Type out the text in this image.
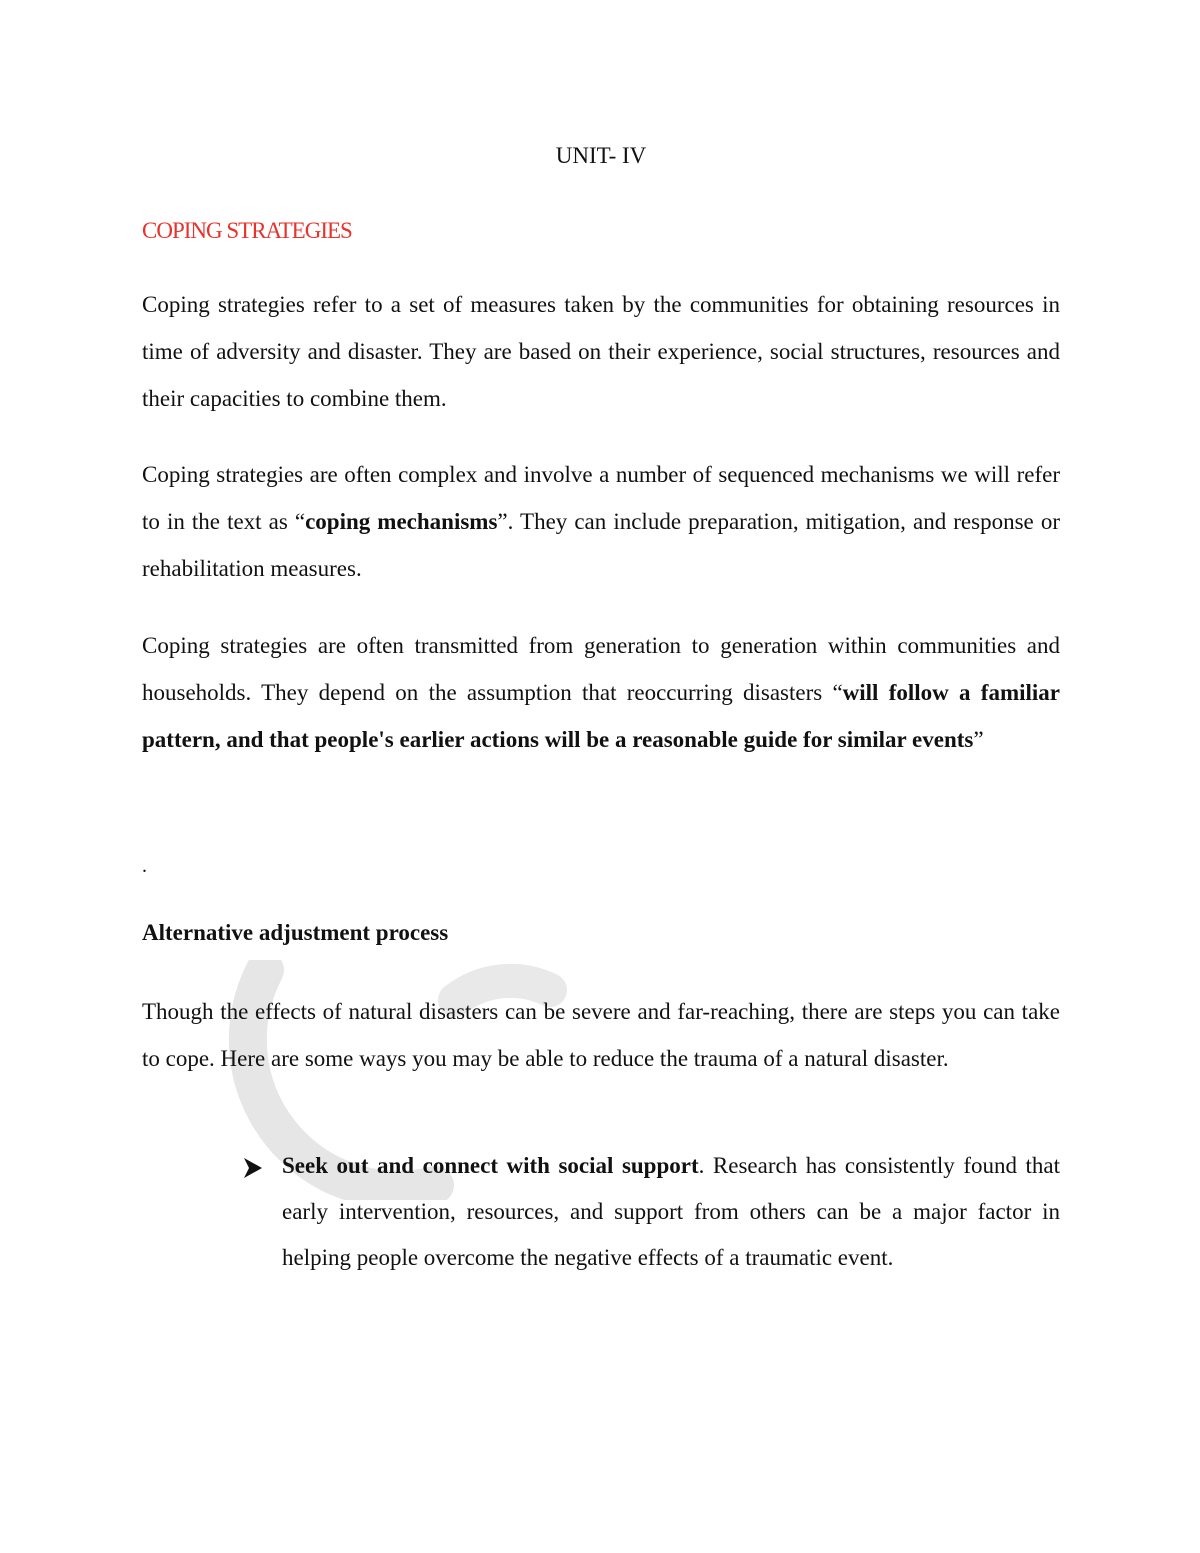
UNIT- IV
COPING STRATEGIES

Coping strategies refer to a set of measures taken by the communities for obtaining resources in time of adversity and disaster. They are based on their experience, social structures, resources and their capacities to combine them.

Coping strategies are often complex and involve a number of sequenced mechanisms we will refer to in the text as “coping mechanisms”. They can include preparation, mitigation, and response or rehabilitation measures.

Coping strategies are often transmitted from generation to generation within communities and households. They depend on the assumption that reoccurring disasters “will follow a familiar pattern, and that people's earlier actions will be a reasonable guide for similar events”

.
Alternative adjustment process

Though the effects of natural disasters can be severe and far-reaching, there are steps you can take to cope. Here are some ways you may be able to reduce the trauma of a natural disaster.

Seek out and connect with social support. Research has consistently found that early intervention, resources, and support from others can be a major factor in helping people overcome the negative effects of a traumatic event.
